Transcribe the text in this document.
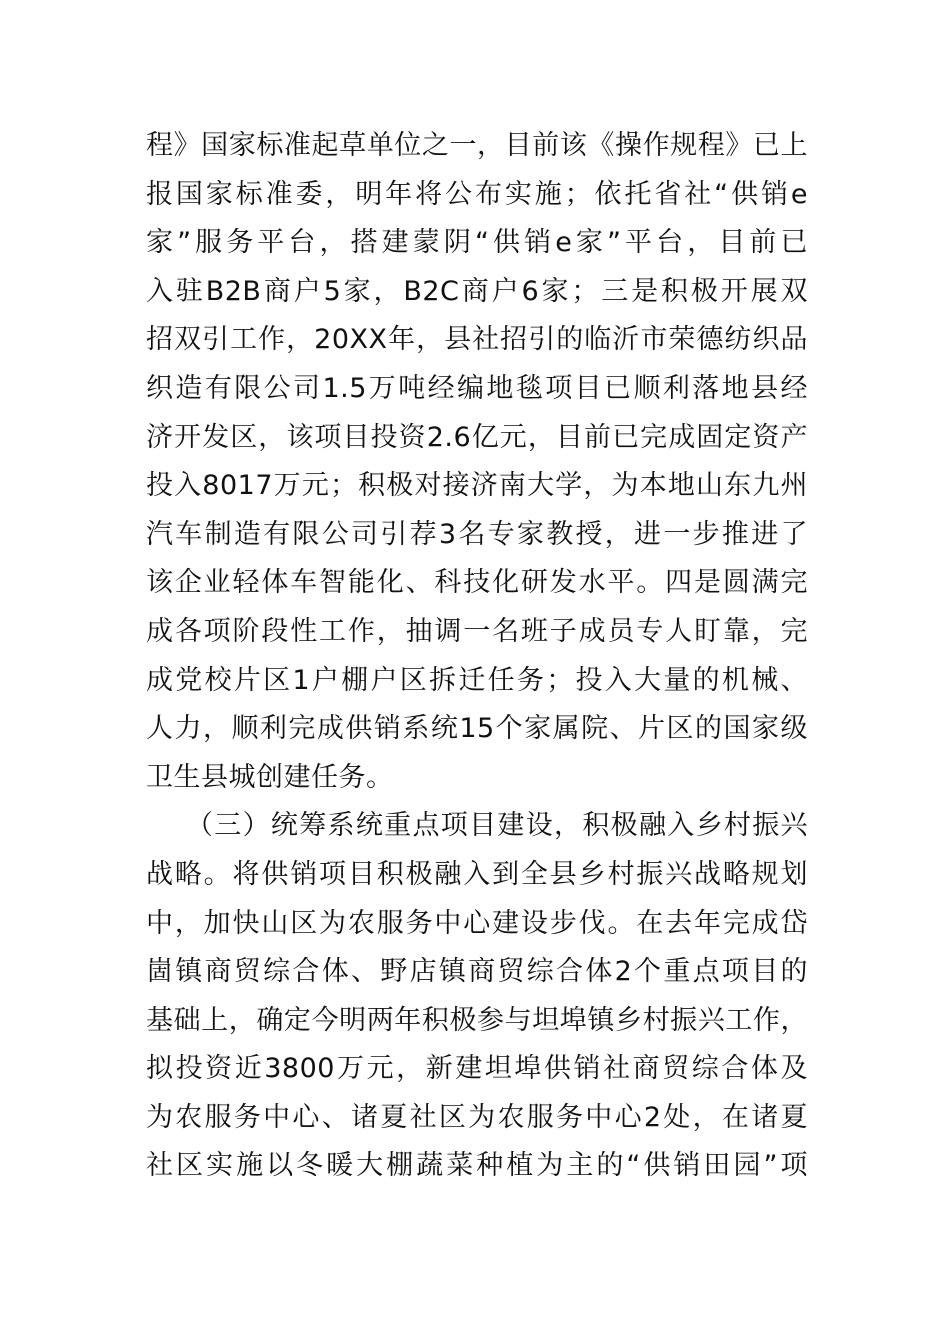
程》国家标准起草单位之一，目前该《操作规程》已上
报国家标准委，明年将公布实施；依托省社“供销e
家”服务平台，搭建蒙阴“供销e家”平台，目前已
入驻B2B商户5家，B2C商户6家；三是积极开展双
招双引工作，20XX年，县社招引的临沂市荣德纺织品
织造有限公司1.5万吨经编地毯项目已顺利落地县经
济开发区，该项目投资2.6亿元，目前已完成固定资产
投入8017万元；积极对接济南大学，为本地山东九州
汽车制造有限公司引荐3名专家教授，进一步推进了
该企业轻体车智能化、科技化研发水平。四是圆满完
成各项阶段性工作，抽调一名班子成员专人盯靠，完
成党校片区1户棚户区拆迁任务；投入大量的机械、
人力，顺利完成供销系统15个家属院、片区的国家级
卫生县城创建任务。
（三）统筹系统重点项目建设，积极融入乡村振兴
战略。将供销项目积极融入到全县乡村振兴战略规划
中，加快山区为农服务中心建设步伐。在去年完成岱
崮镇商贸综合体、野店镇商贸综合体2个重点项目的
基础上，确定今明两年积极参与坦埠镇乡村振兴工作，
拟投资近3800万元，新建坦埠供销社商贸综合体及
为农服务中心、诸夏社区为农服务中心2处，在诸夏
社区实施以冬暖大棚蔬菜种植为主的“供销田园”项
